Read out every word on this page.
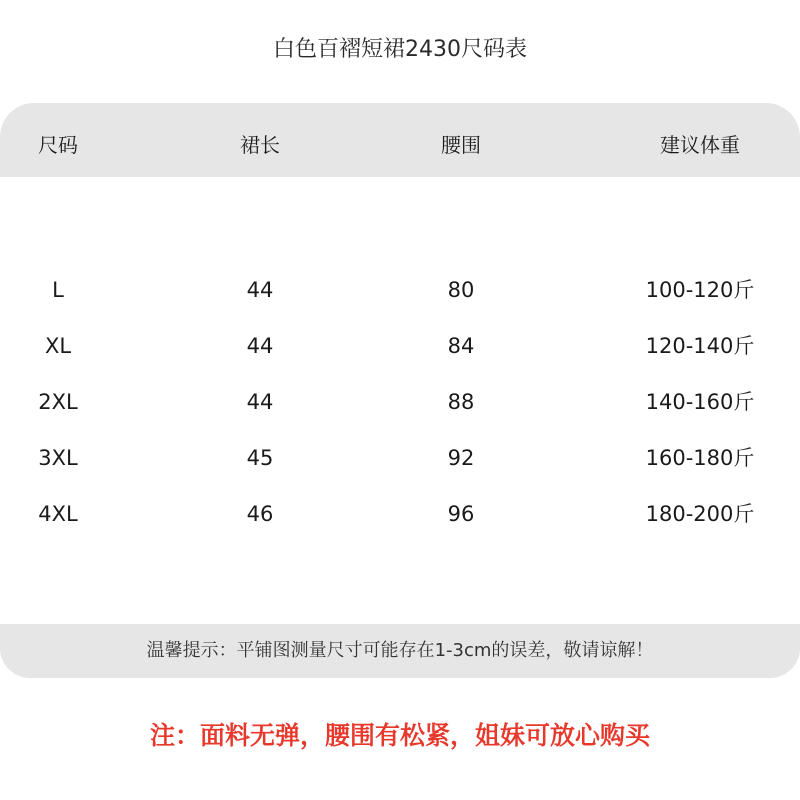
白色百褶短裙2430尺码表
尺码	裙长	腰围	建议体重
L	44	80	100-120斤
XL	44	84	120-140斤
2XL	44	88	140-160斤
3XL	45	92	160-180斤
4XL	46	96	180-200斤
温馨提示：平铺图测量尺寸可能存在1-3cm的误差，敬请谅解！
注：面料无弹，腰围有松紧，姐妹可放心购买
